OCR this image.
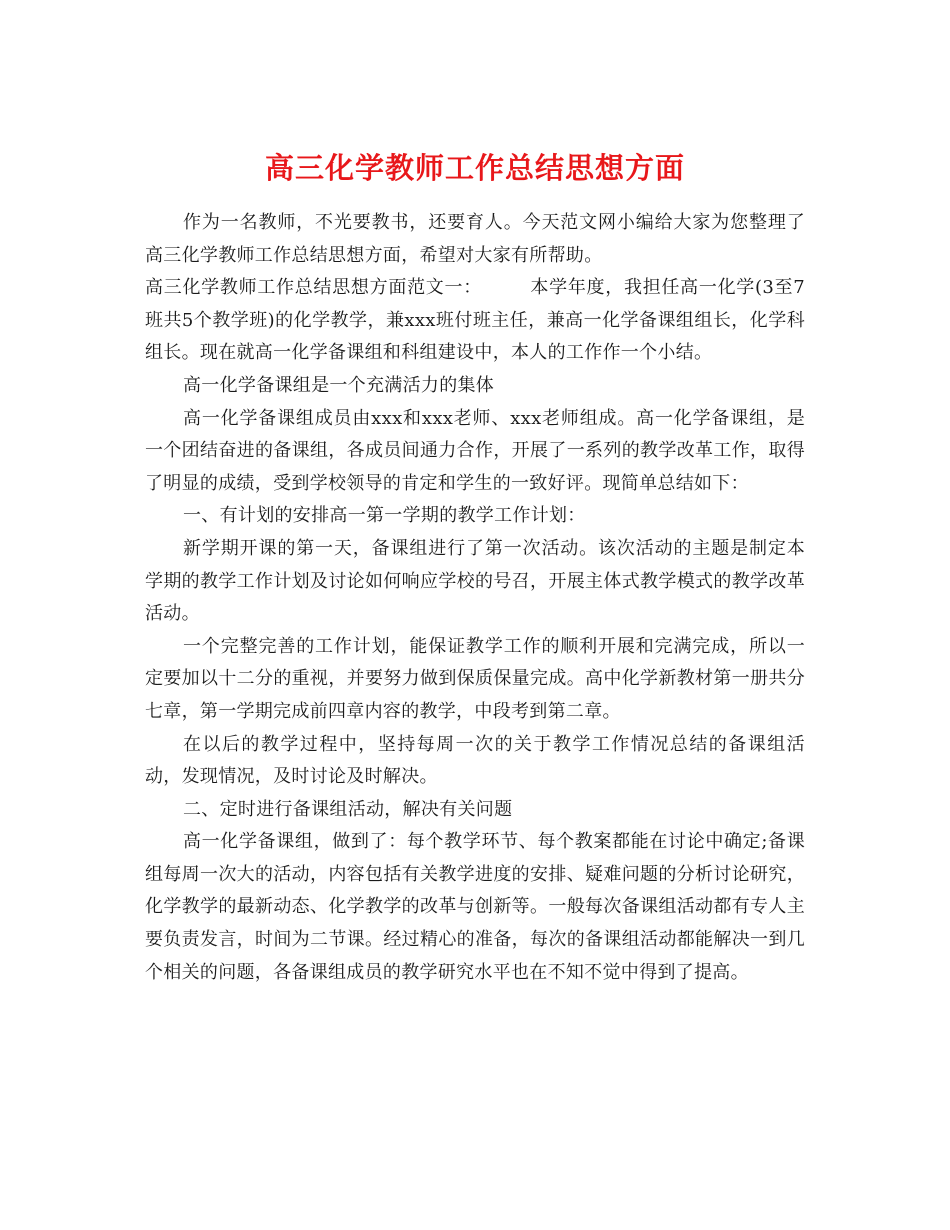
高三化学教师工作总结思想方面

作为一名教师，不光要教书，还要育人。今天范文网小编给大家为您整理了高三化学教师工作总结思想方面，希望对大家有所帮助。

高三化学教师工作总结思想方面范文一：	本学年度，我担任高一化学(3至7班共5个教学班)的化学教学，兼xxx班付班主任，兼高一化学备课组组长，化学科组长。现在就高一化学备课组和科组建设中，本人的工作作一个小结。

高一化学备课组是一个充满活力的集体

高一化学备课组成员由xxx和xxx老师、xxx老师组成。高一化学备课组，是一个团结奋进的备课组，各成员间通力合作，开展了一系列的教学改革工作，取得了明显的成绩，受到学校领导的肯定和学生的一致好评。现简单总结如下：

一、有计划的安排高一第一学期的教学工作计划：

新学期开课的第一天，备课组进行了第一次活动。该次活动的主题是制定本学期的教学工作计划及讨论如何响应学校的号召，开展主体式教学模式的教学改革活动。

一个完整完善的工作计划，能保证教学工作的顺利开展和完满完成，所以一定要加以十二分的重视，并要努力做到保质保量完成。高中化学新教材第一册共分七章，第一学期完成前四章内容的教学，中段考到第二章。

在以后的教学过程中，坚持每周一次的关于教学工作情况总结的备课组活动，发现情况，及时讨论及时解决。

二、定时进行备课组活动，解决有关问题

高一化学备课组，做到了：每个教学环节、每个教案都能在讨论中确定;备课组每周一次大的活动，内容包括有关教学进度的安排、疑难问题的分析讨论研究，化学教学的最新动态、化学教学的改革与创新等。一般每次备课组活动都有专人主要负责发言，时间为二节课。经过精心的准备，每次的备课组活动都能解决一到几个相关的问题，各备课组成员的教学研究水平也在不知不觉中得到了提高。
